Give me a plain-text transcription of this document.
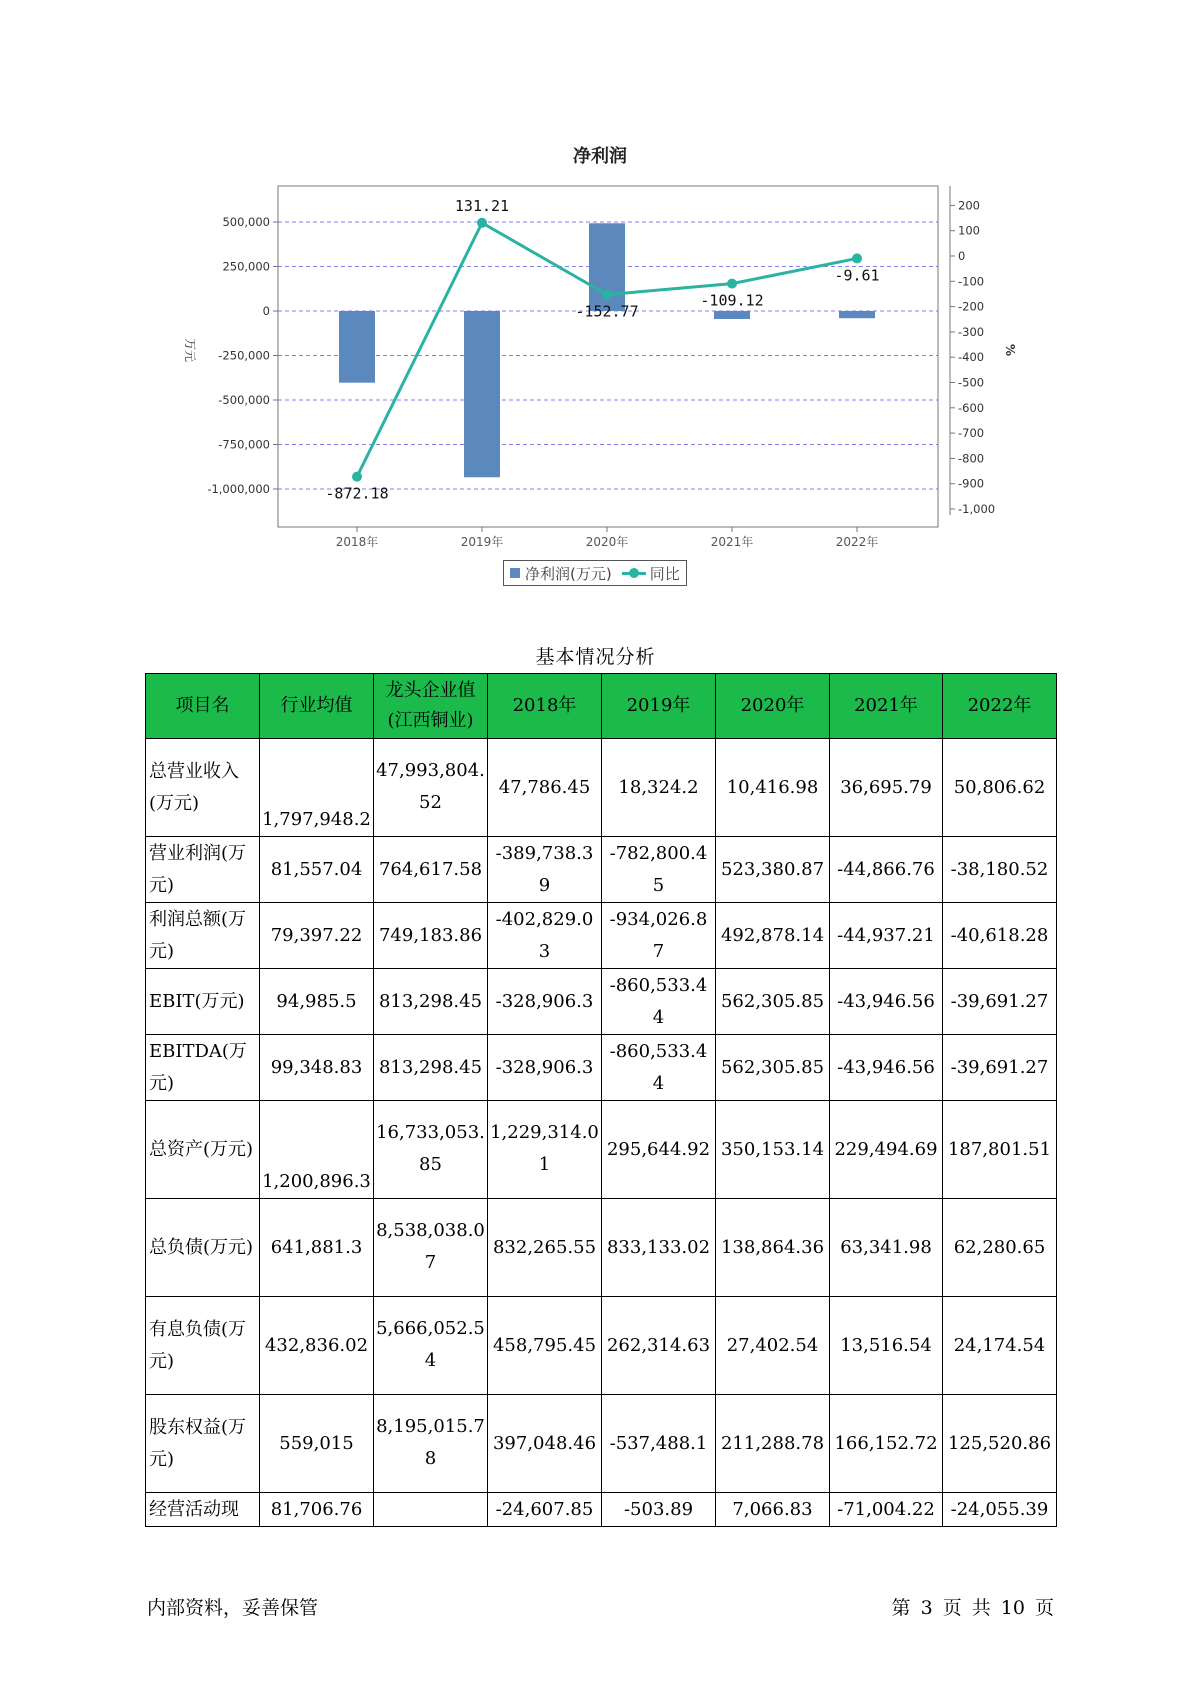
净利润
500,000
250,000
0
-250,000
-500,000
-750,000
-1,000,000
200
100
0
-100
-200
-300
-400
-500
-600
-700
-800
-900
-1,000
万元	%
2018年	2019年	2020年	2021年	2022年
-872.18
131.21
-152.77
-109.12
-9.61
净利润(万元)	同比
基本情况分析
项目名	行业均值	龙头企业值(江西铜业)	2018年	2019年	2020年	2021年	2022年
总营业收入(万元)	1,797,948.2	47,993,804.52	47,786.45	18,324.2	10,416.98	36,695.79	50,806.62
营业利润(万元)	81,557.04	764,617.58	-389,738.39	-782,800.45	523,380.87	-44,866.76	-38,180.52
利润总额(万元)	79,397.22	749,183.86	-402,829.03	-934,026.87	492,878.14	-44,937.21	-40,618.28
EBIT(万元)	94,985.5	813,298.45	-328,906.3	-860,533.44	562,305.85	-43,946.56	-39,691.27
EBITDA(万元)	99,348.83	813,298.45	-328,906.3	-860,533.44	562,305.85	-43,946.56	-39,691.27
总资产(万元)	1,200,896.3	16,733,053.85	1,229,314.01	295,644.92	350,153.14	229,494.69	187,801.51
总负债(万元)	641,881.3	8,538,038.07	832,265.55	833,133.02	138,864.36	63,341.98	62,280.65
有息负债(万元)	432,836.02	5,666,052.54	458,795.45	262,314.63	27,402.54	13,516.54	24,174.54
股东权益(万元)	559,015	8,195,015.78	397,048.46	-537,488.1	211,288.78	166,152.72	125,520.86
经营活动现	81,706.76		-24,607.85	-503.89	7,066.83	-71,004.22	-24,055.39
内部资料，妥善保管	第 3 页 共 10 页
